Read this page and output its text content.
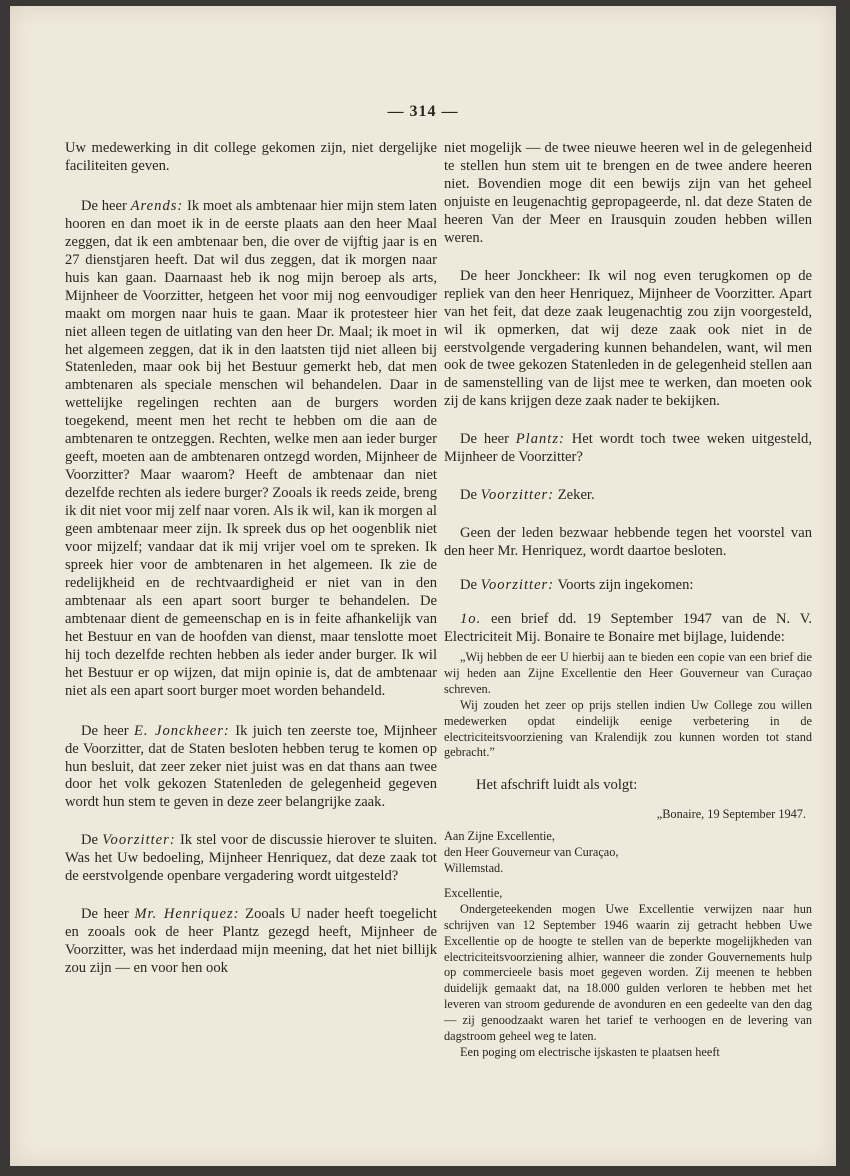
— 314 —

Uw medewerking in dit college gekomen zijn, niet dergelijke faciliteiten geven.

De heer Arends: Ik moet als ambtenaar hier mijn stem laten hooren en dan moet ik in de eerste plaats aan den heer Maal zeggen, dat ik een ambtenaar ben, die over de vijftig jaar is en 27 dienstjaren heeft. Dat wil dus zeggen, dat ik morgen naar huis kan gaan. Daarnaast heb ik nog mijn beroep als arts, Mijnheer de Voorzitter, hetgeen het voor mij nog eenvoudiger maakt om morgen naar huis te gaan. Maar ik protesteer hier niet alleen tegen de uitlating van den heer Dr. Maal; ik moet in het algemeen zeggen, dat ik in den laatsten tijd niet alleen bij Statenleden, maar ook bij het Bestuur gemerkt heb, dat men ambtenaren als speciale menschen wil behandelen. Daar in wettelijke regelingen rechten aan de burgers worden toegekend, meent men het recht te hebben om die aan de ambtenaren te ontzeggen. Rechten, welke men aan ieder burger geeft, moeten aan de ambtenaren ontzegd worden, Mijnheer de Voorzitter? Maar waarom? Heeft de ambtenaar dan niet dezelfde rechten als iedere burger? Zooals ik reeds zeide, breng ik dit niet voor mij zelf naar voren. Als ik wil, kan ik morgen al geen ambtenaar meer zijn. Ik spreek dus op het oogenblik niet voor mijzelf; vandaar dat ik mij vrijer voel om te spreken. Ik spreek hier voor de ambtenaren in het algemeen. Ik zie de redelijkheid en de rechtvaardigheid er niet van in den ambtenaar als een apart soort burger te behandelen. De ambtenaar dient de gemeenschap en is in feite afhankelijk van het Bestuur en van de hoofden van dienst, maar tenslotte moet hij toch dezelfde rechten hebben als ieder ander burger. Ik wil het Bestuur er op wijzen, dat mijn opinie is, dat de ambtenaar niet als een apart soort burger moet worden behandeld.

De heer E. Jonckheer: Ik juich ten zeerste toe, Mijnheer de Voorzitter, dat de Staten besloten hebben terug te komen op hun besluit, dat zeer zeker niet juist was en dat thans aan twee door het volk gekozen Statenleden de gelegenheid gegeven wordt hun stem te geven in deze zeer belangrijke zaak.

De Voorzitter: Ik stel voor de discussie hierover te sluiten. Was het Uw bedoeling, Mijnheer Henriquez, dat deze zaak tot de eerstvolgende openbare vergadering wordt uitgesteld?

De heer Mr. Henriquez: Zooals U nader heeft toegelicht en zooals ook de heer Plantz gezegd heeft, Mijnheer de Voorzitter, was het inderdaad mijn meening, dat het niet billijk zou zijn — en voor hen ook

niet mogelijk — de twee nieuwe heeren wel in de gelegenheid te stellen hun stem uit te brengen en de twee andere heeren niet. Bovendien moge dit een bewijs zijn van het geheel onjuiste en leugenachtig gepropageerde, nl. dat deze Staten de heeren Van der Meer en Irausquin zouden hebben willen weren.

De heer Jonckheer: Ik wil nog even terugkomen op de repliek van den heer Henriquez, Mijnheer de Voorzitter. Apart van het feit, dat deze zaak leugenachtig zou zijn voorgesteld, wil ik opmerken, dat wij deze zaak ook niet in de eerstvolgende vergadering kunnen behandelen, want, wil men ook de twee gekozen Statenleden in de gelegenheid stellen aan de samenstelling van de lijst mee te werken, dan moeten ook zij de kans krijgen deze zaak nader te bekijken.

De heer Plantz: Het wordt toch twee weken uitgesteld, Mijnheer de Voorzitter?

De Voorzitter: Zeker.

Geen der leden bezwaar hebbende tegen het voorstel van den heer Mr. Henriquez, wordt daartoe besloten.

De Voorzitter: Voorts zijn ingekomen:

1o. een brief dd. 19 September 1947 van de N. V. Electriciteit Mij. Bonaire te Bonaire met bijlage, luidende:

„Wij hebben de eer U hierbij aan te bieden een copie van een brief die wij heden aan Zijne Excellentie den Heer Gouverneur van Curaçao schreven.

Wij zouden het zeer op prijs stellen indien Uw College zou willen medewerken opdat eindelijk eenige verbetering in de electriciteitsvoorziening van Kralendijk zou kunnen worden tot stand gebracht.”

Het afschrift luidt als volgt:

„Bonaire, 19 September 1947.

Aan Zijne Excellentie,

den Heer Gouverneur van Curaçao,

Willemstad.

Excellentie,

Ondergeteekenden mogen Uwe Excellentie verwijzen naar hun schrijven van 12 September 1946 waarin zij getracht hebben Uwe Excellentie op de hoogte te stellen van de beperkte mogelijkheden van electriciteitsvoorziening alhier, wanneer die zonder Gouvernements hulp op commercieele basis moet gegeven worden. Zij meenen te hebben duidelijk gemaakt dat, na 18.000 gulden verloren te hebben met het leveren van stroom gedurende de avonduren en een gedeelte van den dag — zij genoodzaakt waren het tarief te verhoogen en de levering van dagstroom geheel weg te laten.

Een poging om electrische ijskasten te plaatsen heeft
